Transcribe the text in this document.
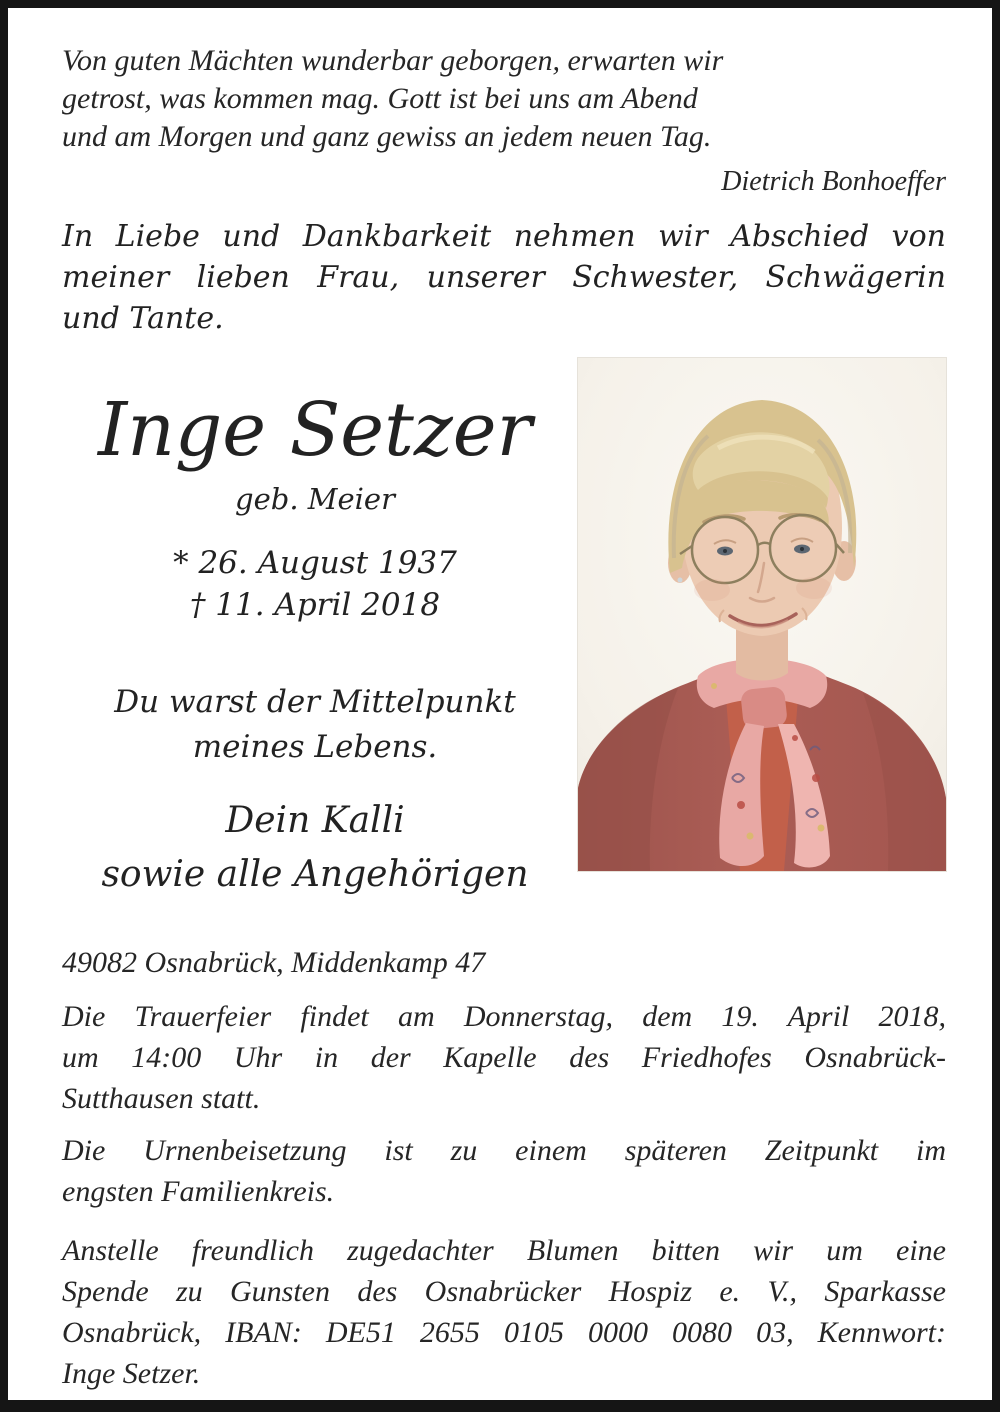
Von guten Mächten wunderbar geborgen, erwarten wir
getrost, was kommen mag. Gott ist bei uns am Abend
und am Morgen und ganz gewiss an jedem neuen Tag.
Dietrich Bonhoeffer
In Liebe und Dankbarkeit nehmen wir Abschied von
meiner lieben Frau, unserer Schwester, Schwägerin
und Tante.
Inge Setzer
geb. Meier
* 26. August 1937
† 11. April 2018
Du warst der Mittelpunkt
meines Lebens.
Dein Kalli
sowie alle Angehörigen
49082 Osnabrück, Middenkamp 47
Die Trauerfeier findet am Donnerstag, dem 19. April 2018,
um 14:00 Uhr in der Kapelle des Friedhofes Osnabrück-
Sutthausen statt.
Die Urnenbeisetzung ist zu einem späteren Zeitpunkt im
engsten Familienkreis.
Anstelle freundlich zugedachter Blumen bitten wir um eine
Spende zu Gunsten des Osnabrücker Hospiz e. V., Sparkasse
Osnabrück, IBAN: DE51 2655 0105 0000 0080 03, Kennwort:
Inge Setzer.
